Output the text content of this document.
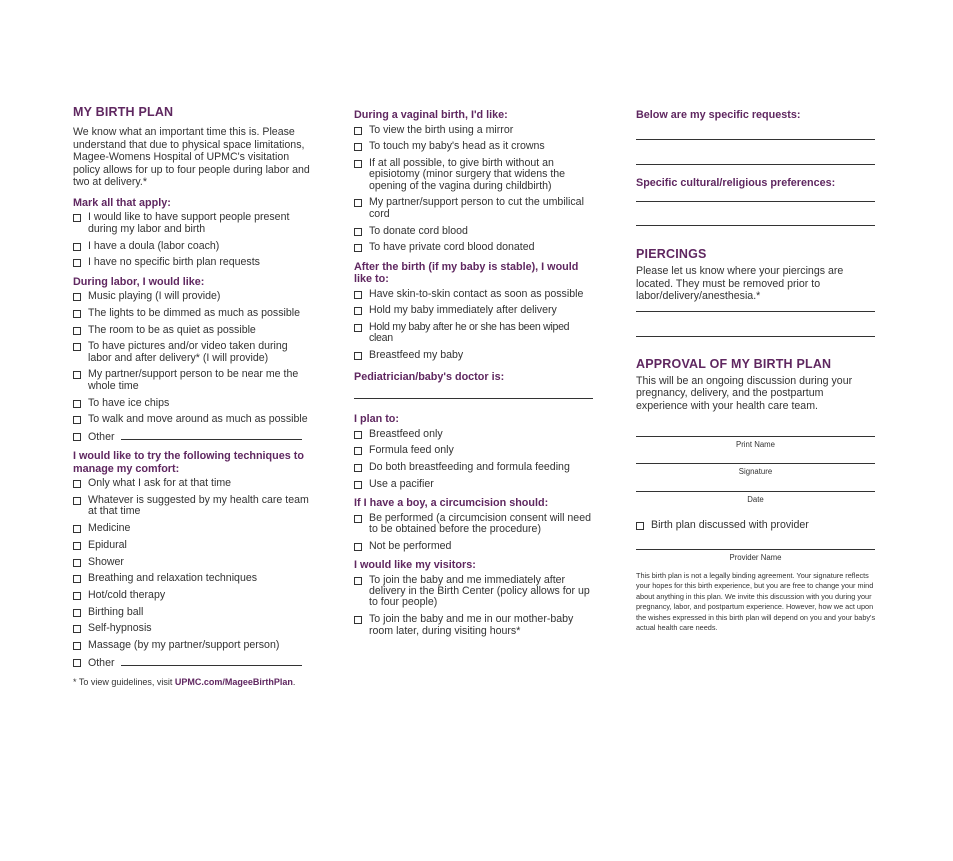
MY BIRTH PLAN

We know what an important time this is. Please understand that due to physical space limitations, Magee-Womens Hospital of UPMC's visitation policy allows for up to four people during labor and two at delivery.*

Mark all that apply:
I would like to have support people present during my labor and birth
I have a doula (labor coach)
I have no specific birth plan requests
During labor, I would like:
Music playing (I will provide)
The lights to be dimmed as much as possible
The room to be as quiet as possible
To have pictures and/or video taken during labor and after delivery* (I will provide)
My partner/support person to be near me the whole time
To have ice chips
To walk and move around as much as possible
Other
I would like to try the following techniques to manage my comfort:
Only what I ask for at that time
Whatever is suggested by my health care team at that time
Medicine
Epidural
Shower
Breathing and relaxation techniques
Hot/cold therapy
Birthing ball
Self-hypnosis
Massage (by my partner/support person)
Other

* To view guidelines, visit UPMC.com/MageeBirthPlan.

During a vaginal birth, I'd like:
To view the birth using a mirror
To touch my baby's head as it crowns
If at all possible, to give birth without an episiotomy (minor surgery that widens the opening of the vagina during childbirth)
My partner/support person to cut the umbilical cord
To donate cord blood
To have private cord blood donated
After the birth (if my baby is stable), I would like to:
Have skin-to-skin contact as soon as possible
Hold my baby immediately after delivery
Hold my baby after he or she has been wiped clean
Breastfeed my baby
Pediatrician/baby's doctor is:
I plan to:
Breastfeed only
Formula feed only
Do both breastfeeding and formula feeding
Use a pacifier
If I have a boy, a circumcision should:
Be performed (a circumcision consent will need to be obtained before the procedure)
Not be performed
I would like my visitors:
To join the baby and me immediately after delivery in the Birth Center (policy allows for up to four people)
To join the baby and me in our mother-baby room later, during visiting hours*
Below are my specific requests:
Specific cultural/religious preferences:
PIERCINGS

Please let us know where your piercings are located. They must be removed prior to labor/delivery/anesthesia.*

APPROVAL OF MY BIRTH PLAN

This will be an ongoing discussion during your pregnancy, delivery, and the postpartum experience with your health care team.

Print Name
Signature
Date
Birth plan discussed with provider
Provider Name

This birth plan is not a legally binding agreement. Your signature reflects your hopes for this birth experience, but you are free to change your mind about anything in this plan. We invite this discussion with you during your pregnancy, labor, and postpartum experience. However, how we act upon the wishes expressed in this birth plan will depend on you and your baby's actual health care needs.
